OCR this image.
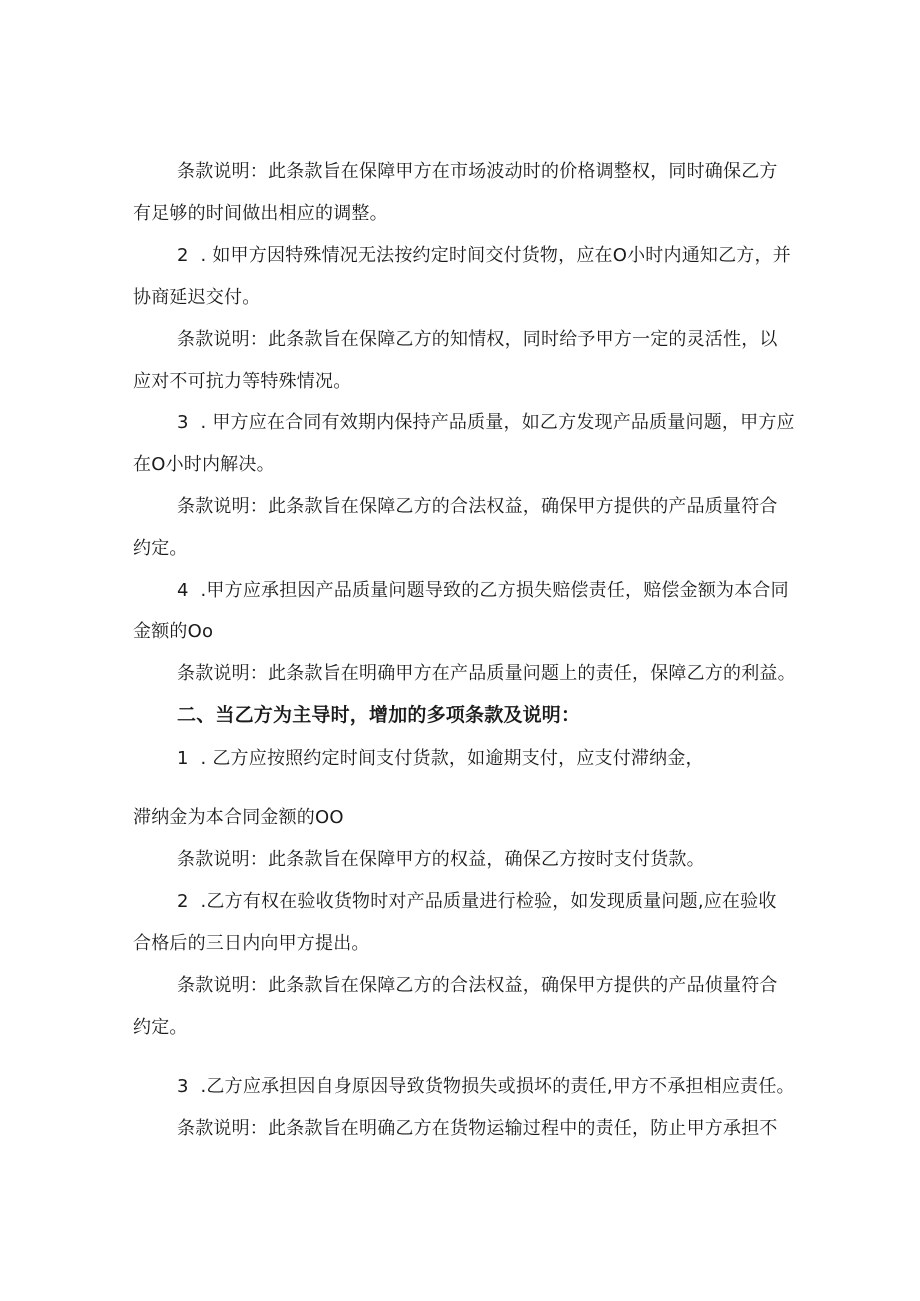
条款说明：此条款旨在保障甲方在市场波动时的价格调整权，同时确保乙方
有足够的时间做出相应的调整。
2  . 如甲方因特殊情况无法按约定时间交付货物，应在O小时内通知乙方，并
协商延迟交付。
条款说明：此条款旨在保障乙方的知情权，同时给予甲方一定的灵活性，以
应对不可抗力等特殊情况。
3  . 甲方应在合同有效期内保持产品质量，如乙方发现产品质量问题，甲方应
在O小时内解决。
条款说明：此条款旨在保障乙方的合法权益，确保甲方提供的产品质量符合
约定。
4  .甲方应承担因产品质量问题导致的乙方损失赔偿责任，赔偿金额为本合同
金额的Oo
条款说明：此条款旨在明确甲方在产品质量问题上的责任，保障乙方的利益。
二、当乙方为主导时，增加的多项条款及说明：
1  . 乙方应按照约定时间支付货款，如逾期支付，应支付滞纳金，
滞纳金为本合同金额的OO
条款说明：此条款旨在保障甲方的权益，确保乙方按时支付货款。
2  .乙方有权在验收货物时对产品质量进行检验，如发现质量问题,应在验收
合格后的三日内向甲方提出。
条款说明：此条款旨在保障乙方的合法权益，确保甲方提供的产品侦量符合
约定。
3  .乙方应承担因自身原因导致货物损失或损坏的责任,甲方不承担相应责任。
条款说明：此条款旨在明确乙方在货物运输过程中的责任，防止甲方承担不
